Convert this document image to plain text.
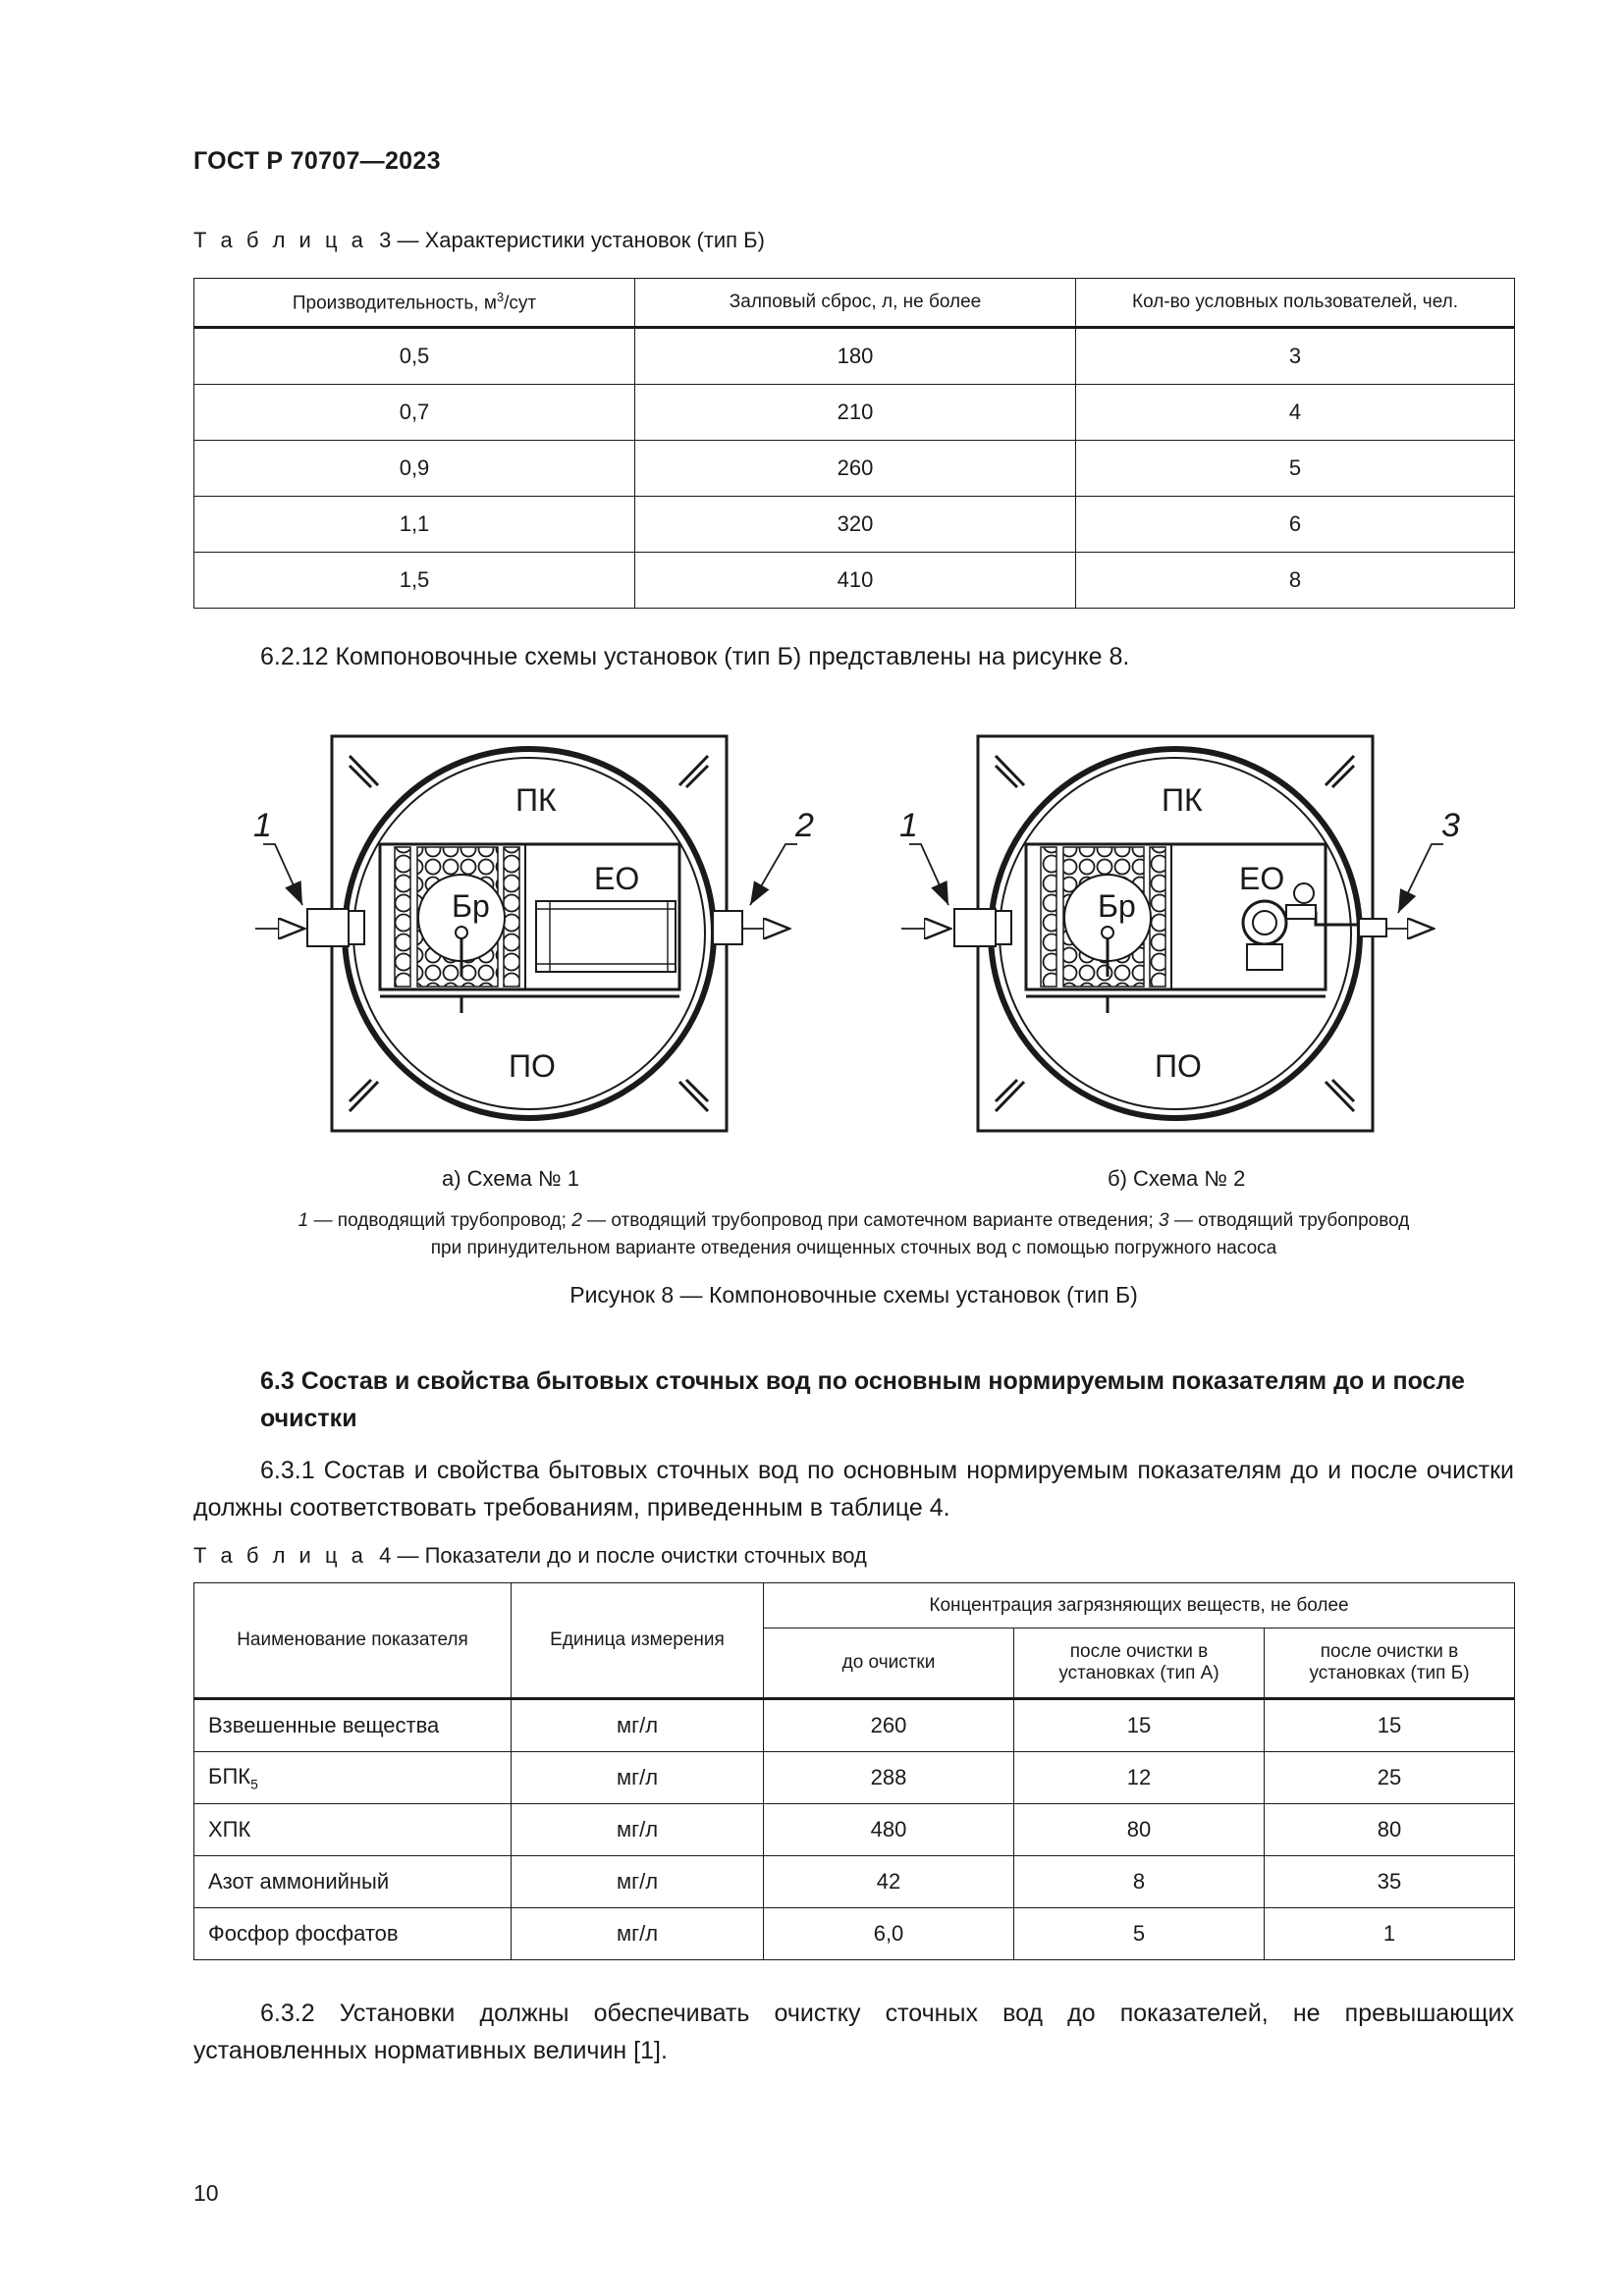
ГОСТ Р 70707—2023
Т а б л и ц а 3 — Характеристики установок (тип Б)
Производительность, $м^3$/сут	Залповый сброс, л, не более	Кол-во условных пользователей, чел.
0,5	180	3
0,7	210	4
0,9	260	5
1,1	320	6
1,5	410	8
6.2.12 Компоновочные схемы установок (тип Б) представлены на рисунке 8.
ПК
ПО
ЕО
Бр
1	2
ПК
ПО
ЕО
Бр
1	3
а) Схема № 1	б) Схема № 2
1 — подводящий трубопровод; 2 — отводящий трубопровод при самотечном варианте отведения; 3 — отводящий трубопровод
при принудительном варианте отведения очищенных сточных вод с помощью погружного насоса
Рисунок 8 — Компоновочные схемы установок (тип Б)
6.3 Состав и свойства бытовых сточных вод по основным нормируемым показателям до и после очистки
6.3.1 Состав и свойства бытовых сточных вод по основным нормируемым показателям до и после очистки должны соответствовать требованиям, приведенным в таблице 4.
Т а б л и ц а 4 — Показатели до и после очистки сточных вод
Наименование показателя	Единица измерения	Концентрация загрязняющих веществ, не более		
		до очистки	после очистки в установках (тип А)	после очистки в установках (тип Б)
Взвешенные вещества	мг/л	260	15	15
$БПК_5$	мг/л	288	12	25
ХПК	мг/л	480	80	80
Азот аммонийный	мг/л	42	8	35
Фосфор фосфатов	мг/л	6,0	5	1
6.3.2 Установки должны обеспечивать очистку сточных вод до показателей, не превышающих установленных нормативных величин [1].
10
